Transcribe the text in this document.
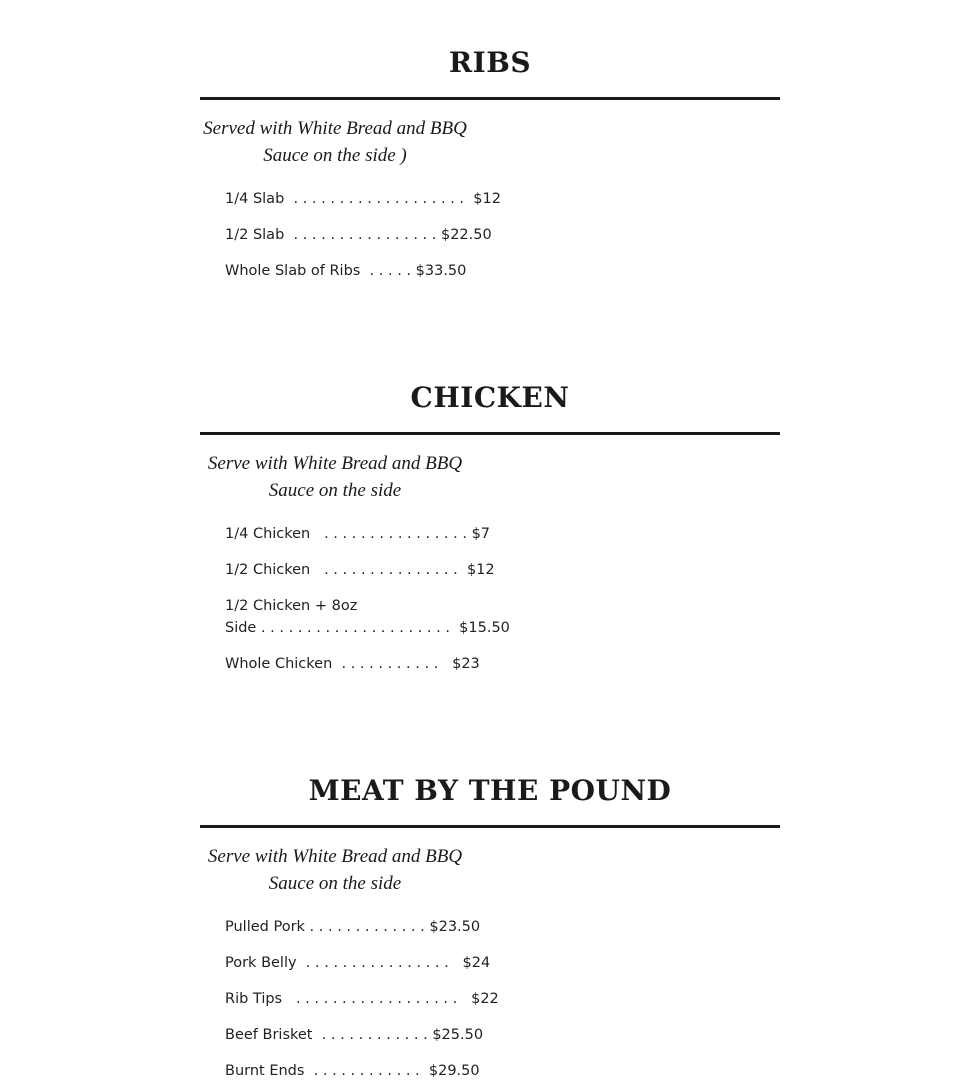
RIBS
Served with White Bread and BBQ
Sauce on the side )
1/4 Slab  . . . . . . . . . . . . . . . . . . .  $12
1/2 Slab  . . . . . . . . . . . . . . . . $22.50
Whole Slab of Ribs  . . . . . $33.50
CHICKEN
Serve with White Bread and BBQ
Sauce on the side
1/4 Chicken   . . . . . . . . . . . . . . . . $7
1/2 Chicken   . . . . . . . . . . . . . . .  $12
1/2 Chicken + 8oz
Side . . . . . . . . . . . . . . . . . . . . .  $15.50
Whole Chicken  . . . . . . . . . . .   $23
MEAT BY THE POUND
Serve with White Bread and BBQ
Sauce on the side
Pulled Pork . . . . . . . . . . . . . $23.50
Pork Belly  . . . . . . . . . . . . . . . .   $24
Rib Tips   . . . . . . . . . . . . . . . . . .   $22
Beef Brisket  . . . . . . . . . . . . $25.50
Burnt Ends  . . . . . . . . . . . .  $29.50
